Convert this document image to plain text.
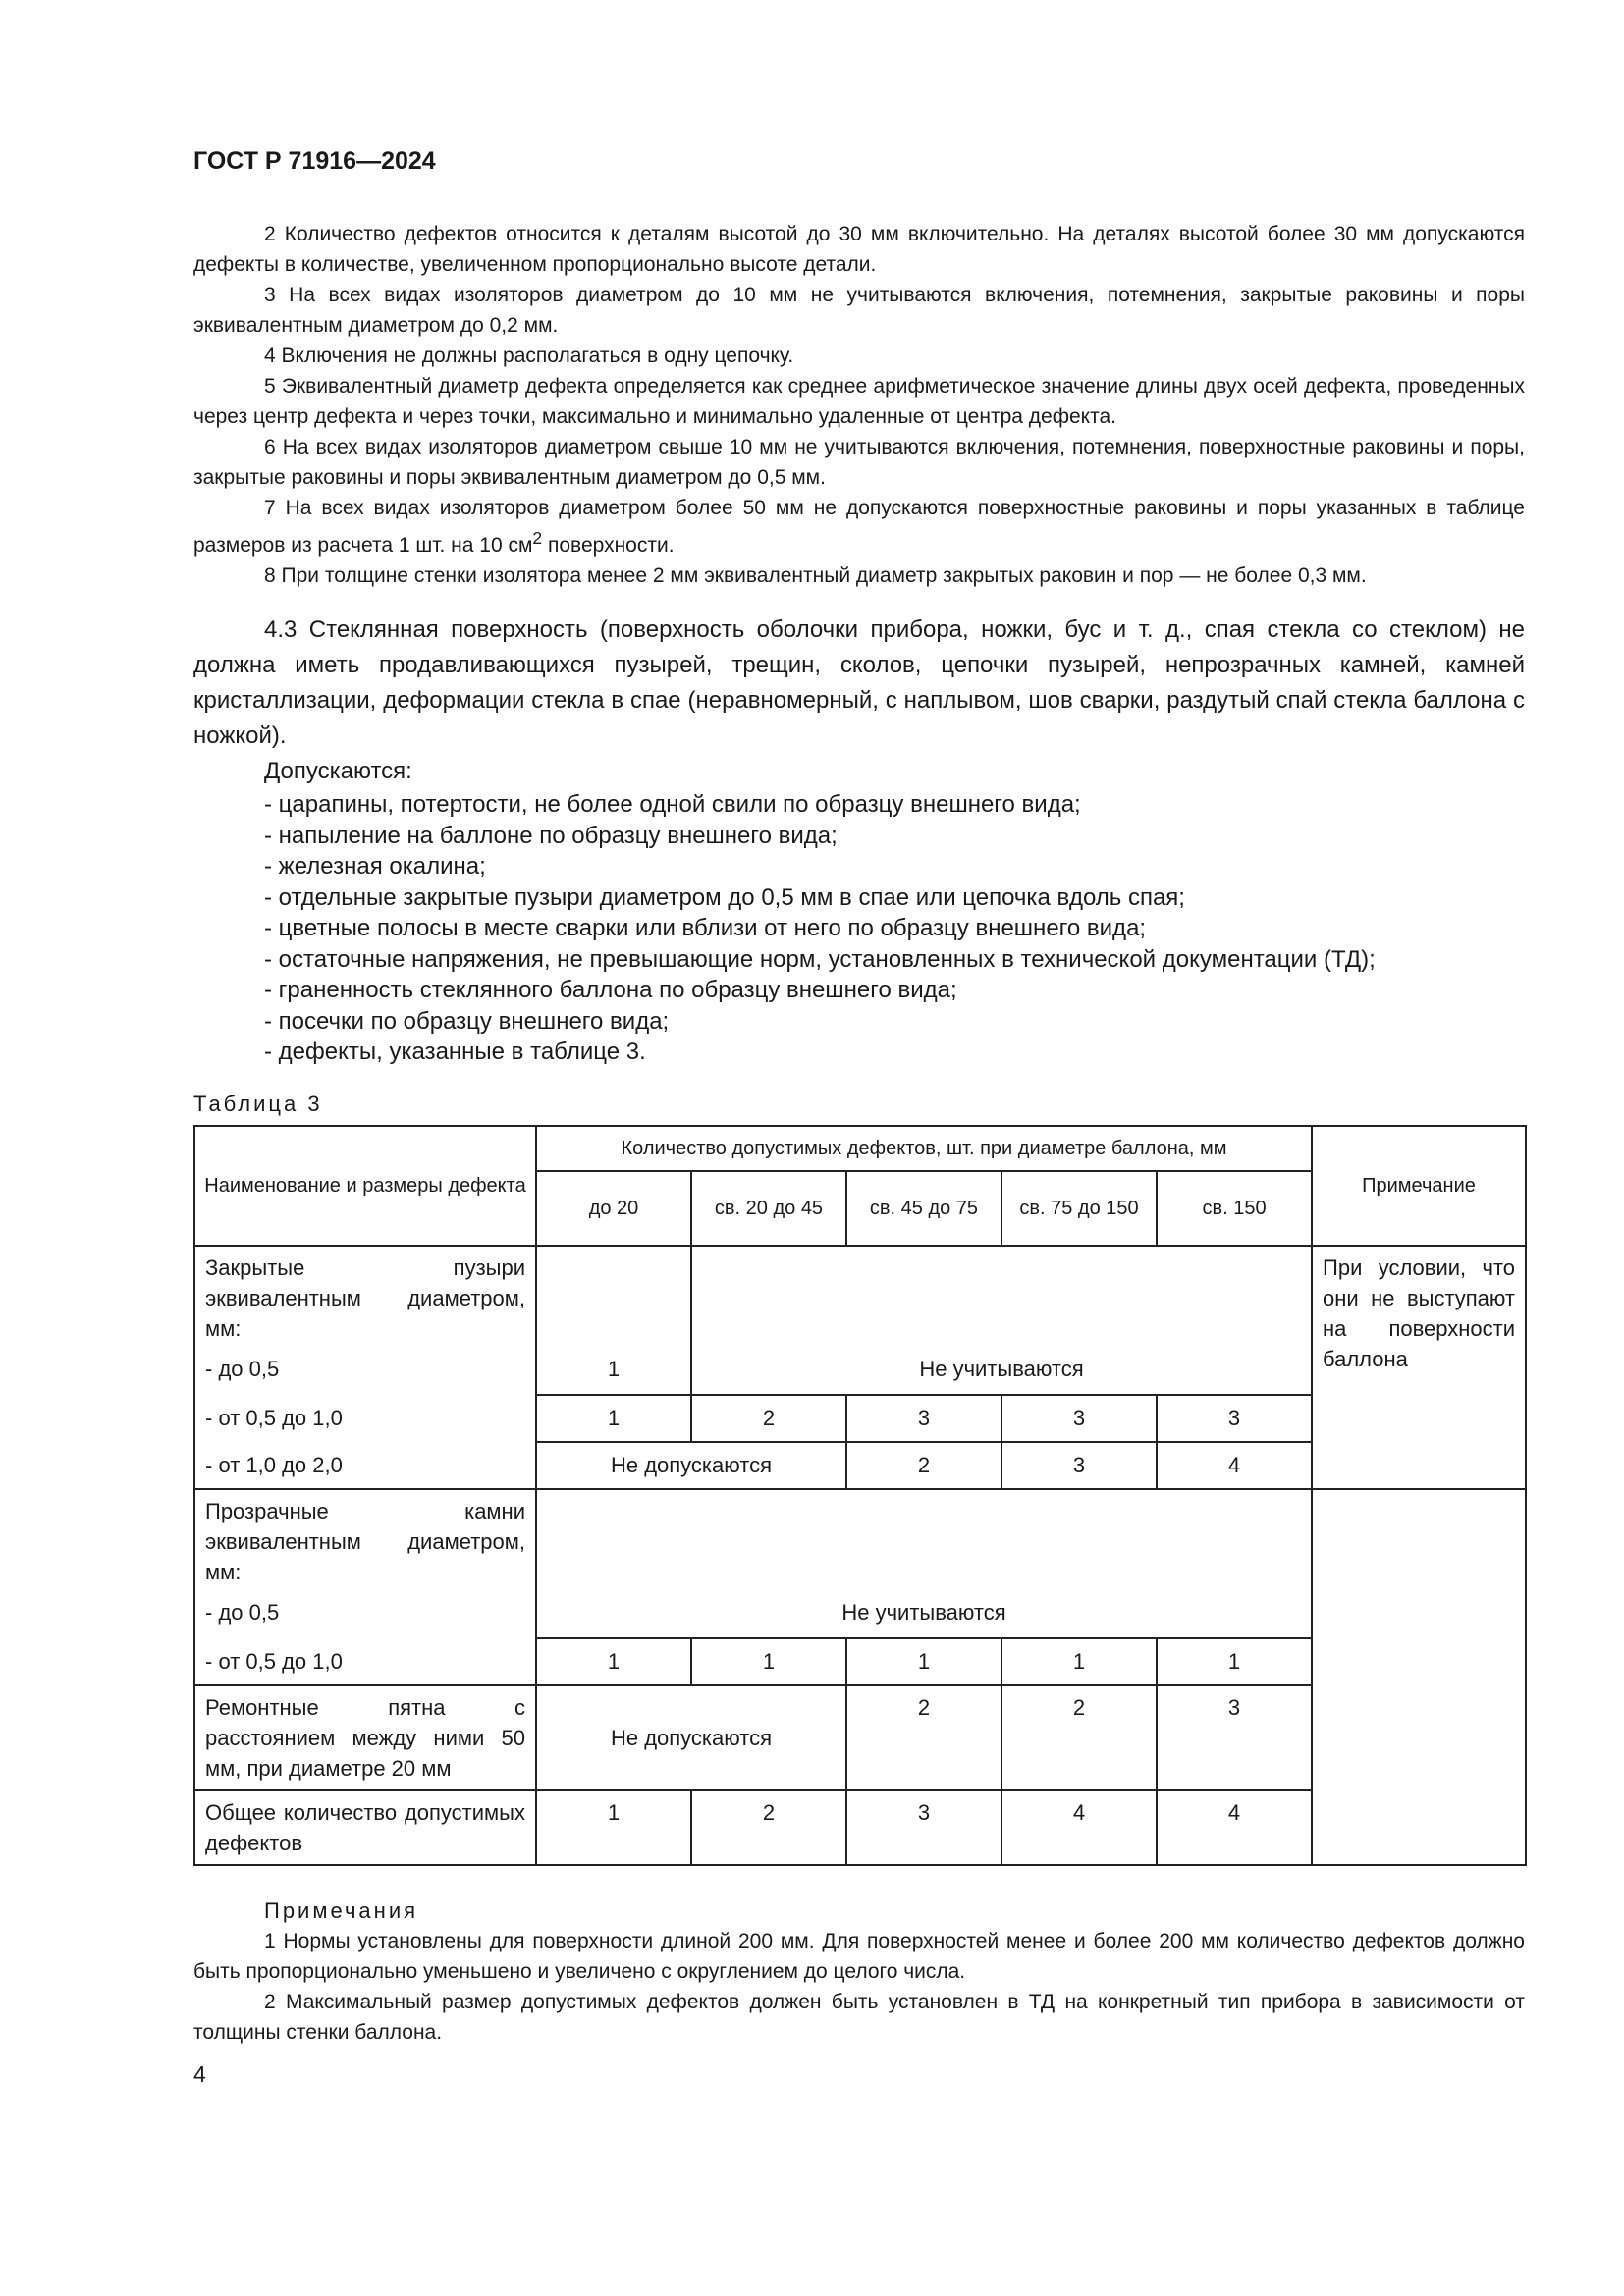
ГОСТ Р 71916—2024

2 Количество дефектов относится к деталям высотой до 30 мм включительно. На деталях высотой более 30 мм допускаются дефекты в количестве, увеличенном пропорционально высоте детали.

3 На всех видах изоляторов диаметром до 10 мм не учитываются включения, потемнения, закрытые раковины и поры эквивалентным диаметром до 0,2 мм.

4 Включения не должны располагаться в одну цепочку.

5 Эквивалентный диаметр дефекта определяется как среднее арифметическое значение длины двух осей дефекта, проведенных через центр дефекта и через точки, максимально и минимально удаленные от центра дефекта.

6 На всех видах изоляторов диаметром свыше 10 мм не учитываются включения, потемнения, поверхностные раковины и поры, закрытые раковины и поры эквивалентным диаметром до 0,5 мм.

7 На всех видах изоляторов диаметром более 50 мм не допускаются поверхностные раковины и поры указанных в таблице размеров из расчета 1 шт. на 10 $см^2$ поверхности.

8 При толщине стенки изолятора менее 2 мм эквивалентный диаметр закрытых раковин и пор — не более 0,3 мм.

4.3 Стеклянная поверхность (поверхность оболочки прибора, ножки, бус и т. д., спая стекла со стеклом) не должна иметь продавливающихся пузырей, трещин, сколов, цепочки пузырей, непрозрачных камней, камней кристаллизации, деформации стекла в спае (неравномерный, с наплывом, шов сварки, раздутый спай стекла баллона с ножкой).

Допускаются:

- царапины, потертости, не более одной свили по образцу внешнего вида;
- напыление на баллоне по образцу внешнего вида;
- железная окалина;
- отдельные закрытые пузыри диаметром до 0,5 мм в спае или цепочка вдоль спая;
- цветные полосы в месте сварки или вблизи от него по образцу внешнего вида;
- остаточные напряжения, не превышающие норм, установленных в технической документации (ТД);
- граненность стеклянного баллона по образцу внешнего вида;
- посечки по образцу внешнего вида;
- дефекты, указанные в таблице 3.
Таблица 3
Наименование и размеры дефекта	Количество допустимых дефектов, шт. при диаметре баллона, мм					Примечание
	до 20	св. 20 до 45	св. 45 до 75	св. 75 до 150	св. 150	
Закрытые пузыри эквивалентным диаметром, мм:						При условии, что они не выступают на поверхности баллона
- до 0,5	1	Не учитываются				
- от 0,5 до 1,0	1	2	3	3	3	
- от 1,0 до 2,0	Не допускаются		2	3	4	
Прозрачные камни эквивалентным диаметром, мм:						
- до 0,5	Не учитываются					
- от 0,5 до 1,0	1	1	1	1	1	
Ремонтные пятна с расстоянием между ними 50 мм, при диаметре 20 мм	Не допускаются		2	2	3	
Общее количество допустимых дефектов	1	2	3	4	4	

Примечания

1 Нормы установлены для поверхности длиной 200 мм. Для поверхностей менее и более 200 мм количество дефектов должно быть пропорционально уменьшено и увеличено с округлением до целого числа.

2 Максимальный размер допустимых дефектов должен быть установлен в ТД на конкретный тип прибора в зависимости от толщины стенки баллона.

4
